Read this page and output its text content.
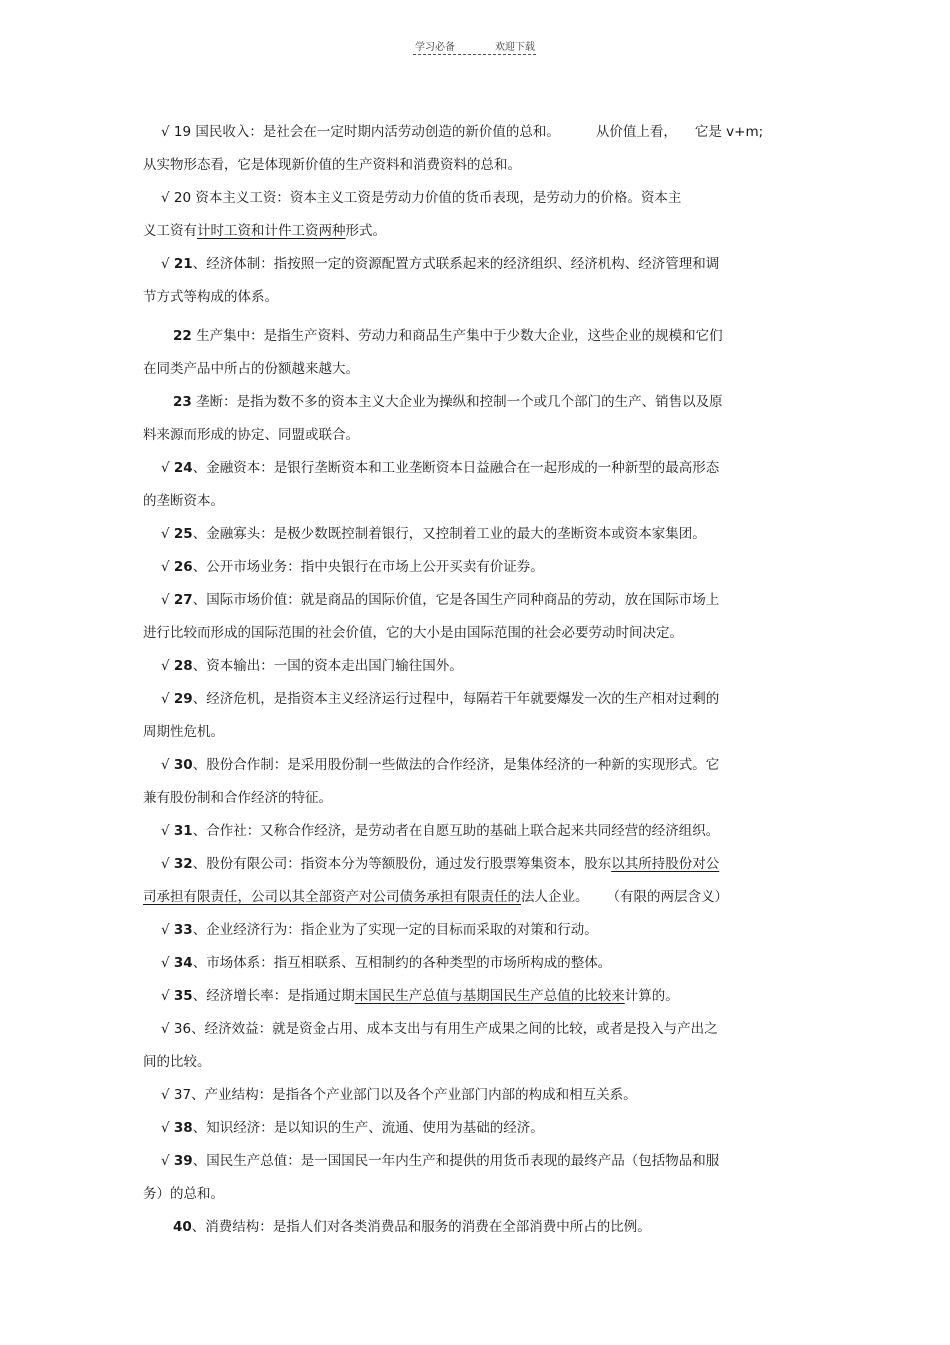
学习必备	欢迎下载
√ 19 国民收入：是社会在一定时期内活劳动创造的新价值的总和。	从价值上看， 它是 v+m;
从实物形态看，它是体现新价值的生产资料和消费资料的总和。
√ 20 资本主义工资：资本主义工资是劳动力价值的货币表现，是劳动力的价格。资本主
义工资有计时工资和计件工资两种形式。
√ 21、经济体制：指按照一定的资源配置方式联系起来的经济组织、经济机构、经济管理和调
节方式等构成的体系。
22 生产集中：是指生产资料、劳动力和商品生产集中于少数大企业，这些企业的规模和它们
在同类产品中所占的份额越来越大。
23 垄断：是指为数不多的资本主义大企业为操纵和控制一个或几个部门的生产、销售以及原
料来源而形成的协定、同盟或联合。
√ 24、金融资本：是银行垄断资本和工业垄断资本日益融合在一起形成的一种新型的最高形态
的垄断资本。
√ 25、金融寡头：是极少数既控制着银行，又控制着工业的最大的垄断资本或资本家集团。
√ 26、公开市场业务：指中央银行在市场上公开买卖有价证券。
√ 27、国际市场价值：就是商品的国际价值，它是各国生产同种商品的劳动，放在国际市场上
进行比较而形成的国际范围的社会价值，它的大小是由国际范围的社会必要劳动时间决定。
√ 28、资本输出：一国的资本走出国门输往国外。
√ 29、经济危机，是指资本主义经济运行过程中，每隔若干年就要爆发一次的生产相对过剩的
周期性危机。
√ 30、股份合作制：是采用股份制一些做法的合作经济，是集体经济的一种新的实现形式。它
兼有股份制和合作经济的特征。
√ 31、合作社：又称合作经济，是劳动者在自愿互助的基础上联合起来共同经营的经济组织。
√ 32、股份有限公司：指资本分为等额股份，通过发行股票筹集资本，股东以其所持股份对公
司承担有限责任，公司以其全部资产对公司债务承担有限责任的法人企业。 （有限的两层含义）
√ 33、企业经济行为：指企业为了实现一定的目标而采取的对策和行动。
√ 34、市场体系：指互相联系、互相制约的各种类型的市场所构成的整体。
√ 35、经济增长率：是指通过期末国民生产总值与基期国民生产总值的比较来计算的。
√ 36、经济效益：就是资金占用、成本支出与有用生产成果之间的比较，或者是投入与产出之
间的比较。
√ 37、产业结构：是指各个产业部门以及各个产业部门内部的构成和相互关系。
√ 38、知识经济：是以知识的生产、流通、使用为基础的经济。
√ 39、国民生产总值：是一国国民一年内生产和提供的用货币表现的最终产品（包括物品和服
务）的总和。
40、消费结构：是指人们对各类消费品和服务的消费在全部消费中所占的比例。
